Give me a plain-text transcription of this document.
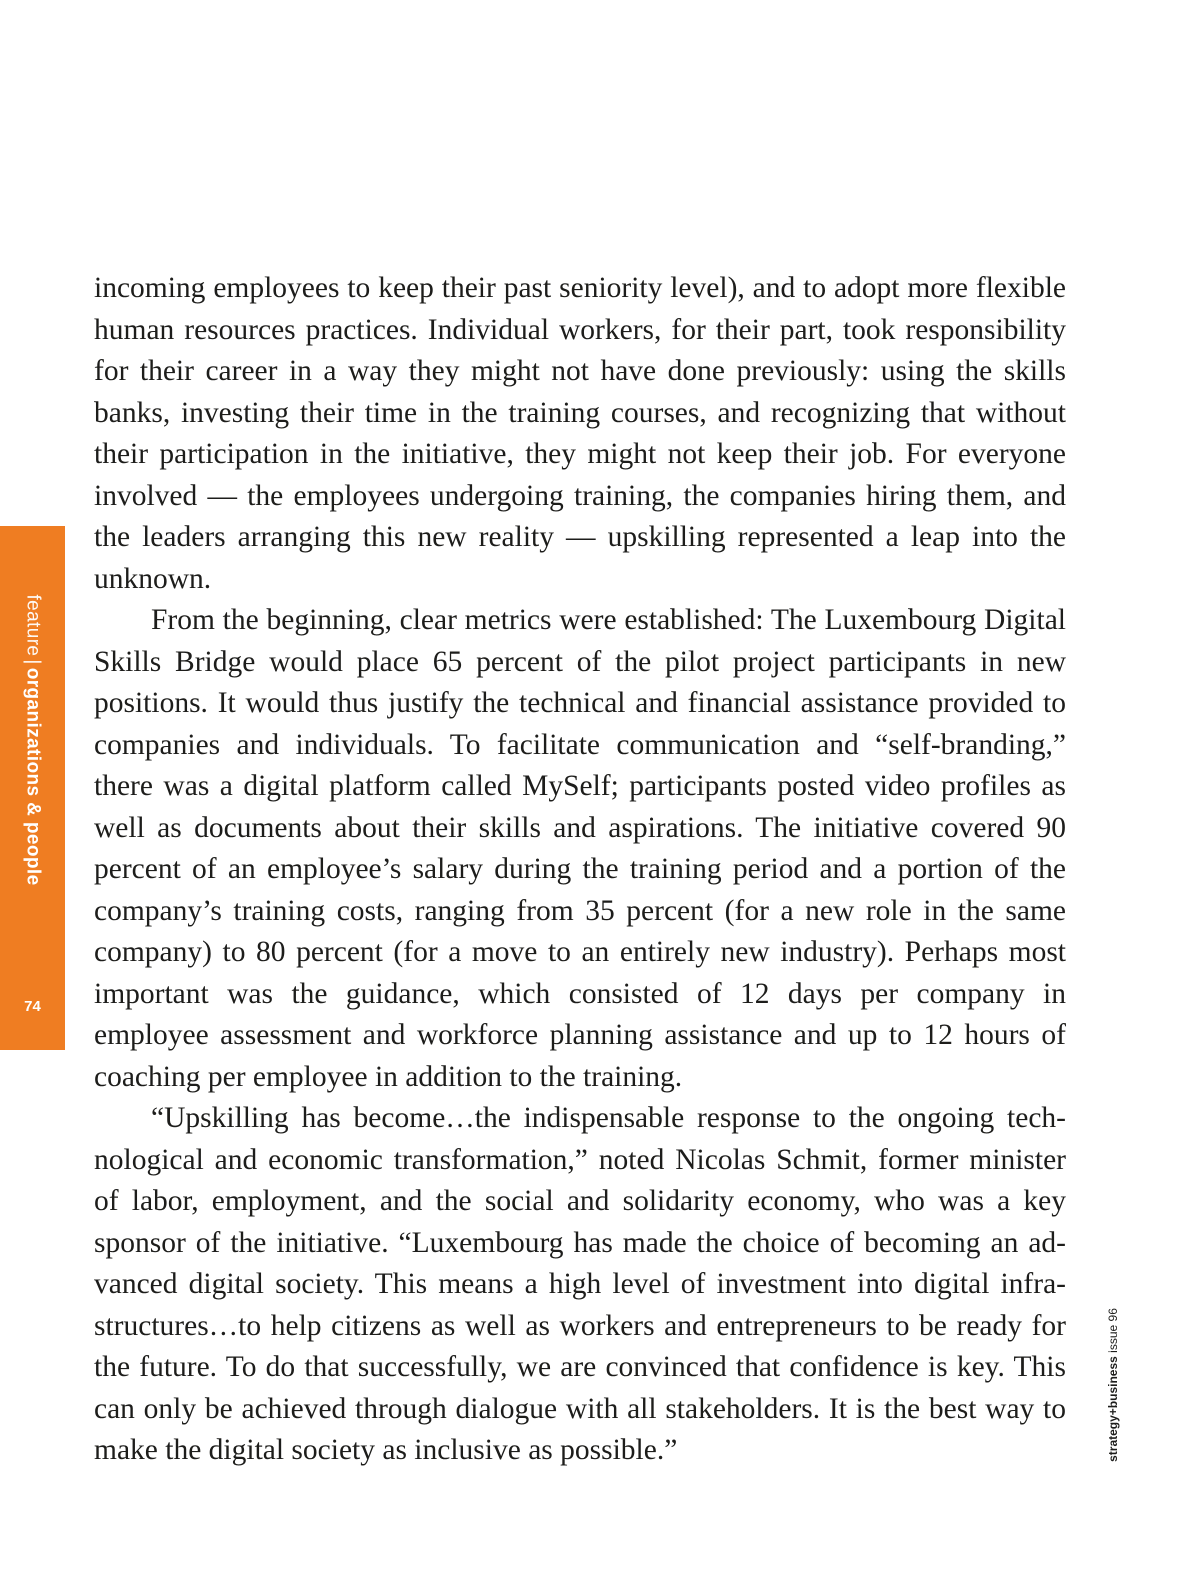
feature|organizations & people
74

incoming employees to keep their past seniority level), and to adopt more flexible human resources practices. Individual workers, for their part, took responsibility for their career in a way they might not have done previously: using the skills banks, investing their time in the training courses, and recognizing that without their participation in the initiative, they might not keep their job. For everyone involved — the employees undergoing training, the companies hiring them, and the leaders arranging this new reality — upskilling represented a leap into the unknown.

From the beginning, clear metrics were established: The Luxembourg Digital Skills Bridge would place 65 percent of the pilot project participants in new positions. It would thus justify the technical and financial assistance provided to companies and individuals. To facilitate communication and “self-branding,” there was a digital platform called MySelf; participants posted video profiles as well as documents about their skills and aspirations. The initiative covered 90 percent of an employee’s salary during the training period and a portion of the company’s training costs, ranging from 35 percent (for a new role in the same company) to 80 percent (for a move to an entirely new industry). Perhaps most important was the guidance, which consisted of 12 days per company in employee assessment and workforce planning assistance and up to 12 hours of coaching per employee in addition to the training.

“Upskilling has become…the indispensable response to the ongoing technological and economic transformation,” noted Nicolas Schmit, former minister of labor, employment, and the social and solidarity economy, who was a key sponsor of the initiative. “Luxembourg has made the choice of becoming an advanced digital society. This means a high level of investment into digital infrastructures…to help citizens as well as workers and entrepreneurs to be ready for the future. To do that successfully, we are convinced that confidence is key. This can only be achieved through dialogue with all stakeholders. It is the best way to make the digital society as inclusive as possible.”	strategy+business issue 96
